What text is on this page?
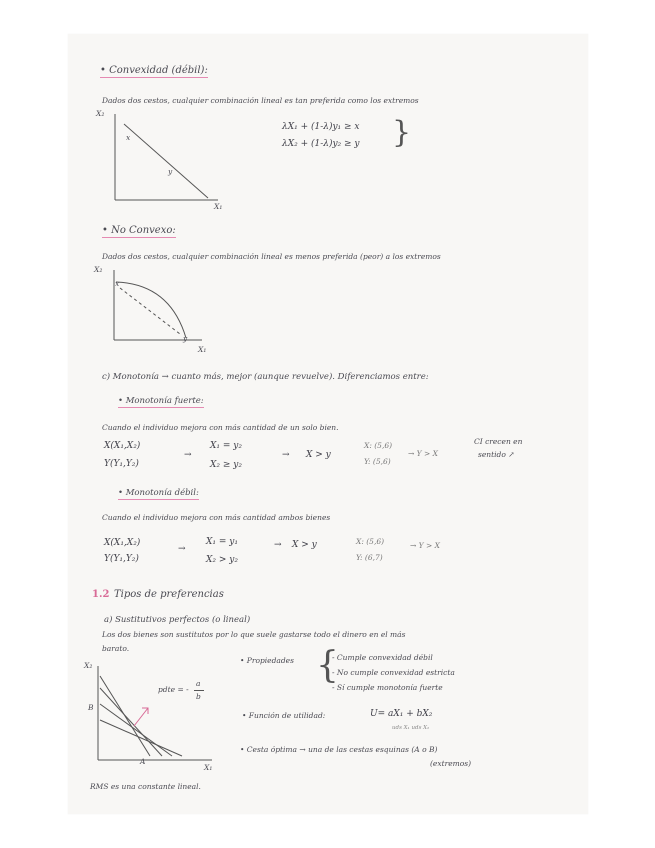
• Convexidad (débil):
Dados dos cestos, cualquier combinación lineal es tan preferida como los extremos
λX₁ + (1-λ)y₁ ≥ x
λX₂ + (1-λ)y₂ ≥ y }
X₂
X₁
x
y
• No Convexo:
Dados dos cestos, cualquier combinación lineal es menos preferida (peor) a los extremos
X₂
X₁
x
y
c) Monotonía → cuanto más, mejor (aunque revuelve). Diferenciamos entre:
• Monotonía fuerte:
Cuando el individuo mejora con más cantidad de un solo bien.
X(X₁,X₂)
Y(Y₁,Y₂)
→
X₁ = y₂
X₂ ≥ y₂
→ X > y
X: (5,6)
Y: (5,6)
→ Y > X
CI crecen en
sentido ↗
• Monotonía débil:
Cuando el individuo mejora con más cantidad ambos bienes
X(X₁,X₂)
Y(Y₁,Y₂)
→
X₁ = y₁
X₂ > y₂
→ X > y	X: (5,6)
Y: (6,7)
→ Y > X
1.2 Tipos de preferencias
a) Sustitutivos perfectos (o lineal)
Los dos bienes son sustitutos por lo que suele gastarse todo el dinero en el más
barato.
X₂
X₁
B
A
pdte = -
a
b
• Propiedades {
- Cumple convexidad débil
- No cumple convexidad estricta
- Sí cumple monotonía fuerte
• Función de utilidad:	U= aX₁ + bX₂
uds X₁ uds X₂
• Cesta óptima → una de las cestas esquinas (A o B)
(extremos)
RMS es una constante lineal.
